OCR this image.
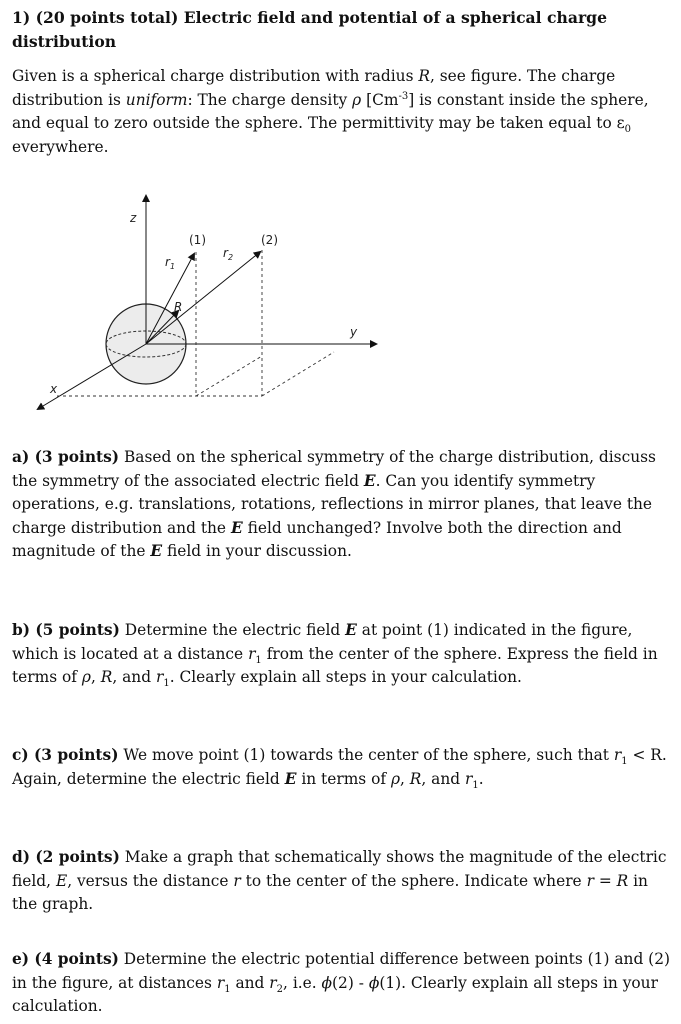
1) (20 points total) Electric field and potential of a spherical charge distribution
Given is a spherical charge distribution with radius R, see figure. The charge distribution is uniform: The charge density ρ $[Cm^{-3}]$ is constant inside the sphere, and equal to zero outside the sphere. The permittivity may be taken equal to $\varepsilon_0$ everywhere.
z
y
x
(1)	(2)
R
$r_1$
$r_2$
a) (3 points) Based on the spherical symmetry of the charge distribution, discuss the symmetry of the associated electric field E. Can you identify symmetry operations, e.g. translations, rotations, reflections in mirror planes, that leave the charge distribution and the E field unchanged? Involve both the direction and magnitude of the E field in your discussion.
b) (5 points) Determine the electric field E at point (1) indicated in the figure, which is located at a distance $r_1$ from the center of the sphere. Express the field in terms of ρ, R, and $r_1$. Clearly explain all steps in your calculation.
c) (3 points) We move point (1) towards the center of the sphere, such that $r_1 < R$. Again, determine the electric field E in terms of ρ, R, and $r_1$.
d) (2 points) Make a graph that schematically shows the magnitude of the electric field, E, versus the distance r to the center of the sphere. Indicate where r = R in the graph.
e) (4 points) Determine the electric potential difference between points (1) and (2) in the figure, at distances $r_1$ and $r_2$, i.e. ϕ(2) - ϕ(1). Clearly explain all steps in your calculation.
